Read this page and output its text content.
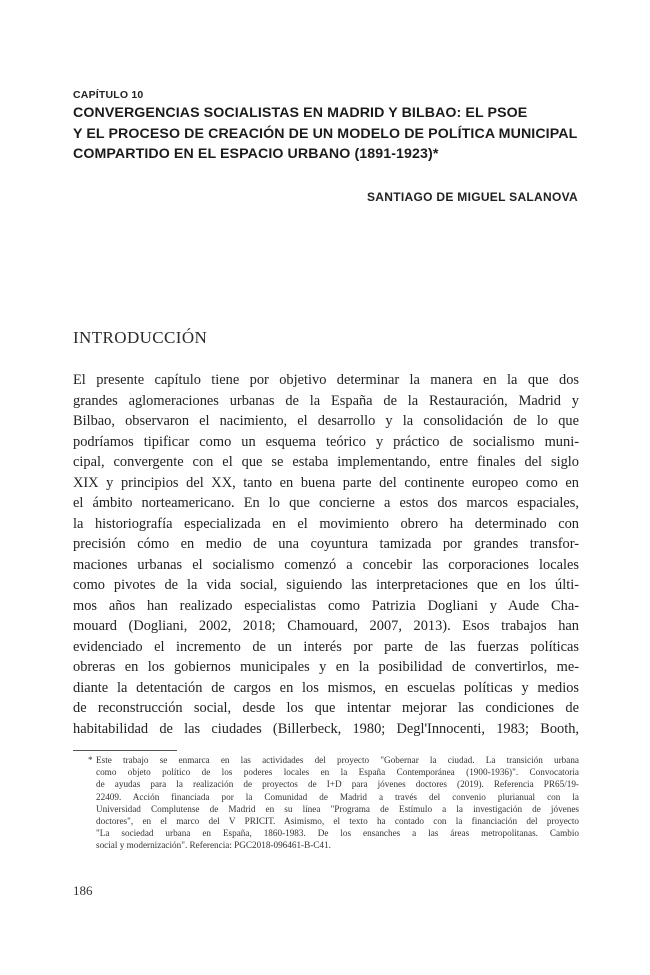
CAPÍTULO 10
CONVERGENCIAS SOCIALISTAS EN MADRID Y BILBAO: EL PSOE
Y EL PROCESO DE CREACIÓN DE UN MODELO DE POLÍTICA MUNICIPAL
COMPARTIDO EN EL ESPACIO URBANO (1891-1923)*
SANTIAGO DE MIGUEL SALANOVA
INTRODUCCIÓN
El presente capítulo tiene por objetivo determinar la manera en la que dos
grandes aglomeraciones urbanas de la España de la Restauración, Madrid y
Bilbao, observaron el nacimiento, el desarrollo y la consolidación de lo que
podríamos tipificar como un esquema teórico y práctico de socialismo muni-
cipal, convergente con el que se estaba implementando, entre finales del siglo
XIX y principios del XX, tanto en buena parte del continente europeo como en
el ámbito norteamericano. En lo que concierne a estos dos marcos espaciales,
la historiografía especializada en el movimiento obrero ha determinado con
precisión cómo en medio de una coyuntura tamizada por grandes transfor-
maciones urbanas el socialismo comenzó a concebir las corporaciones locales
como pivotes de la vida social, siguiendo las interpretaciones que en los últi-
mos años han realizado especialistas como Patrizia Dogliani y Aude Cha-
mouard (Dogliani, 2002, 2018; Chamouard, 2007, 2013). Esos trabajos han
evidenciado el incremento de un interés por parte de las fuerzas políticas
obreras en los gobiernos municipales y en la posibilidad de convertirlos, me-
diante la detentación de cargos en los mismos, en escuelas políticas y medios
de reconstrucción social, desde los que intentar mejorar las condiciones de
habitabilidad de las ciudades (Billerbeck, 1980; Degl'Innocenti, 1983; Booth,
* Este trabajo se enmarca en las actividades del proyecto "Gobernar la ciudad. La transición urbana
como objeto político de los poderes locales en la España Contemporánea (1900-1936)". Convocatoria
de ayudas para la realización de proyectos de I+D para jóvenes doctores (2019). Referencia PR65/19-
22409. Acción financiada por la Comunidad de Madrid a través del convenio plurianual con la
Universidad Complutense de Madrid en su línea "Programa de Estímulo a la investigación de jóvenes
doctores", en el marco del V PRICIT. Asimismo, el texto ha contado con la financiación del proyecto
"La sociedad urbana en España, 1860-1983. De los ensanches a las áreas metropolitanas. Cambio
social y modernización". Referencia: PGC2018-096461-B-C41.
186
